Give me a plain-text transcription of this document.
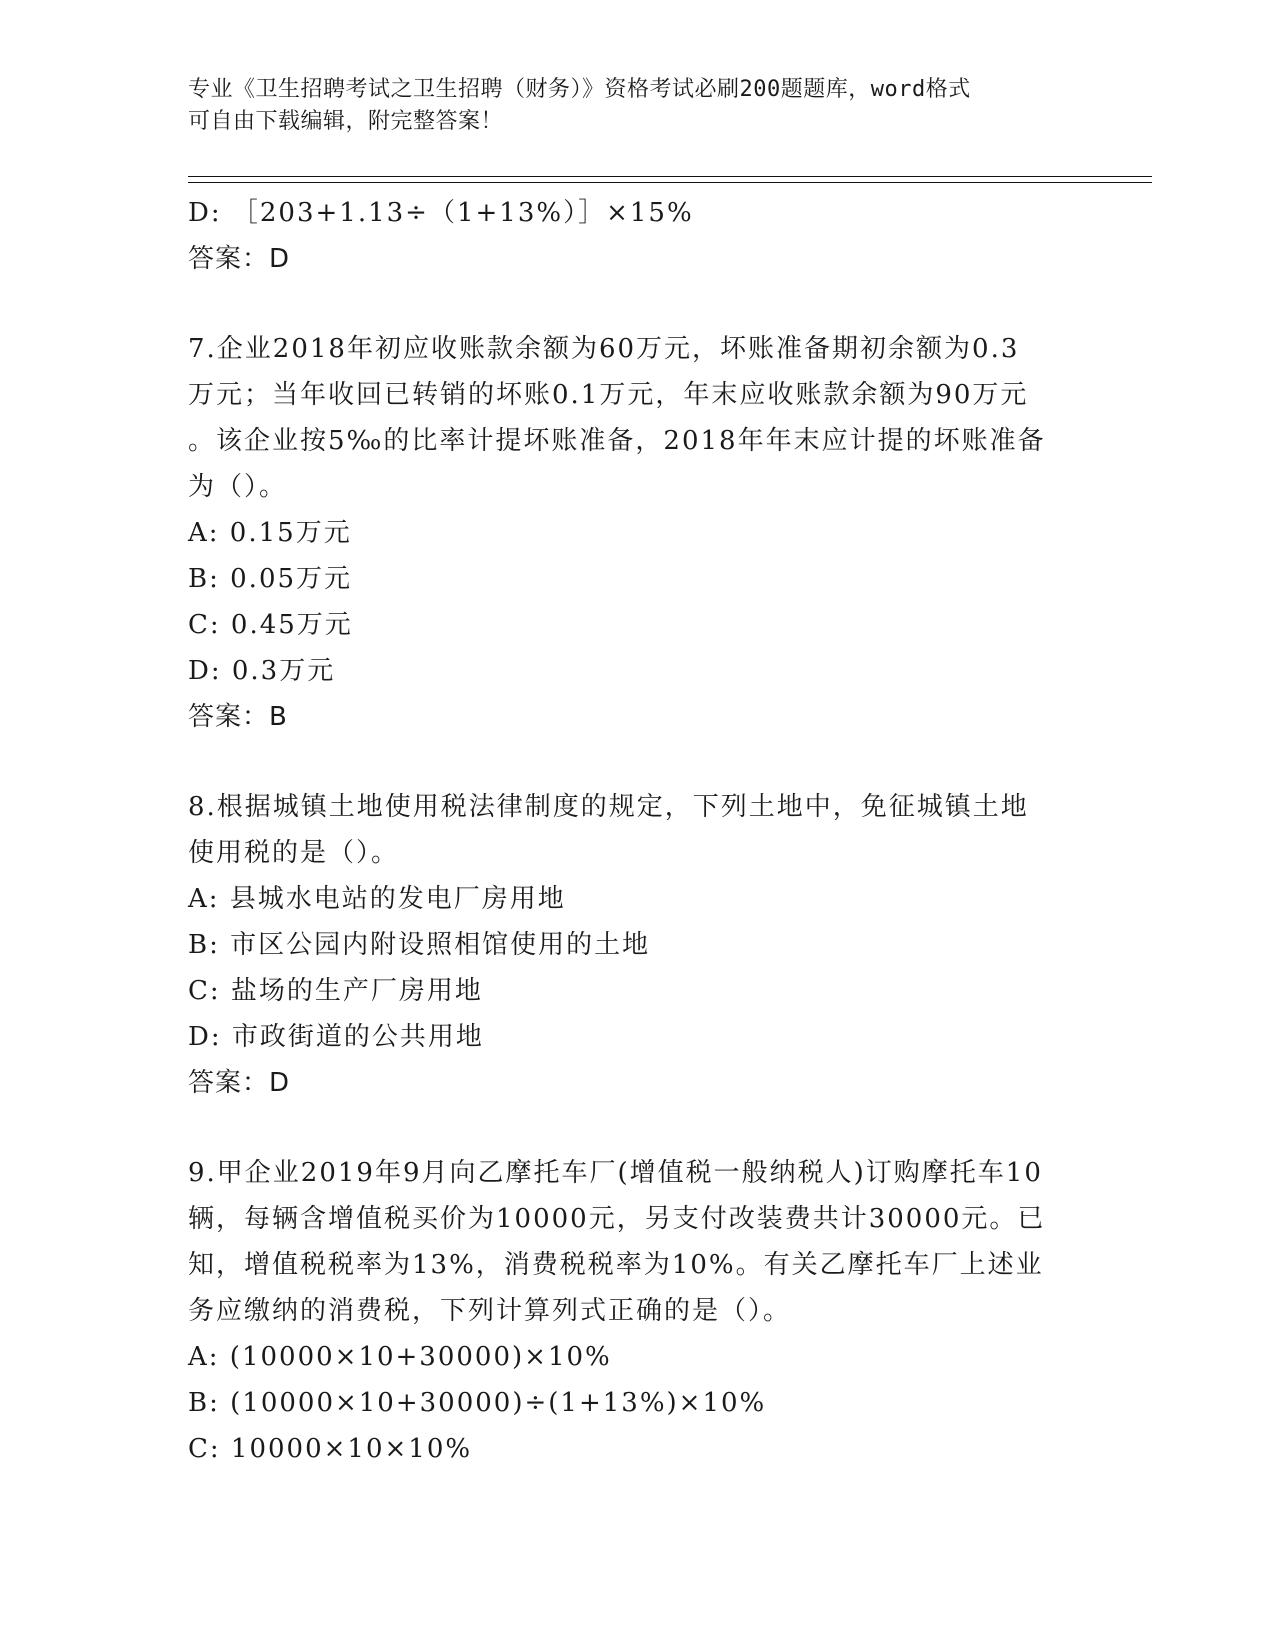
专业《卫生招聘考试之卫生招聘（财务）》资格考试必刷200题题库，word格式
可自由下载编辑，附完整答案！

D: ［203+1.13÷（1+13%）］×15%

答案：D

7.企业2018年初应收账款余额为60万元，坏账准备期初余额为0.3

万元；当年收回已转销的坏账0.1万元，年末应收账款余额为90万元

。该企业按5‰的比率计提坏账准备，2018年年末应计提的坏账准备

为（）。

A: 0.15万元

B: 0.05万元

C: 0.45万元

D: 0.3万元

答案：B

8.根据城镇土地使用税法律制度的规定，下列土地中，免征城镇土地

使用税的是（）。

A: 县城水电站的发电厂房用地

B: 市区公园内附设照相馆使用的土地

C: 盐场的生产厂房用地

D: 市政街道的公共用地

答案：D

9.甲企业2019年9月向乙摩托车厂(增值税一般纳税人)订购摩托车10

辆，每辆含增值税买价为10000元，另支付改装费共计30000元。已

知，增值税税率为13%，消费税税率为10%。有关乙摩托车厂上述业

务应缴纳的消费税，下列计算列式正确的是（）。

A: (10000×10+30000)×10%

B: (10000×10+30000)÷(1+13%)×10%

C: 10000×10×10%
